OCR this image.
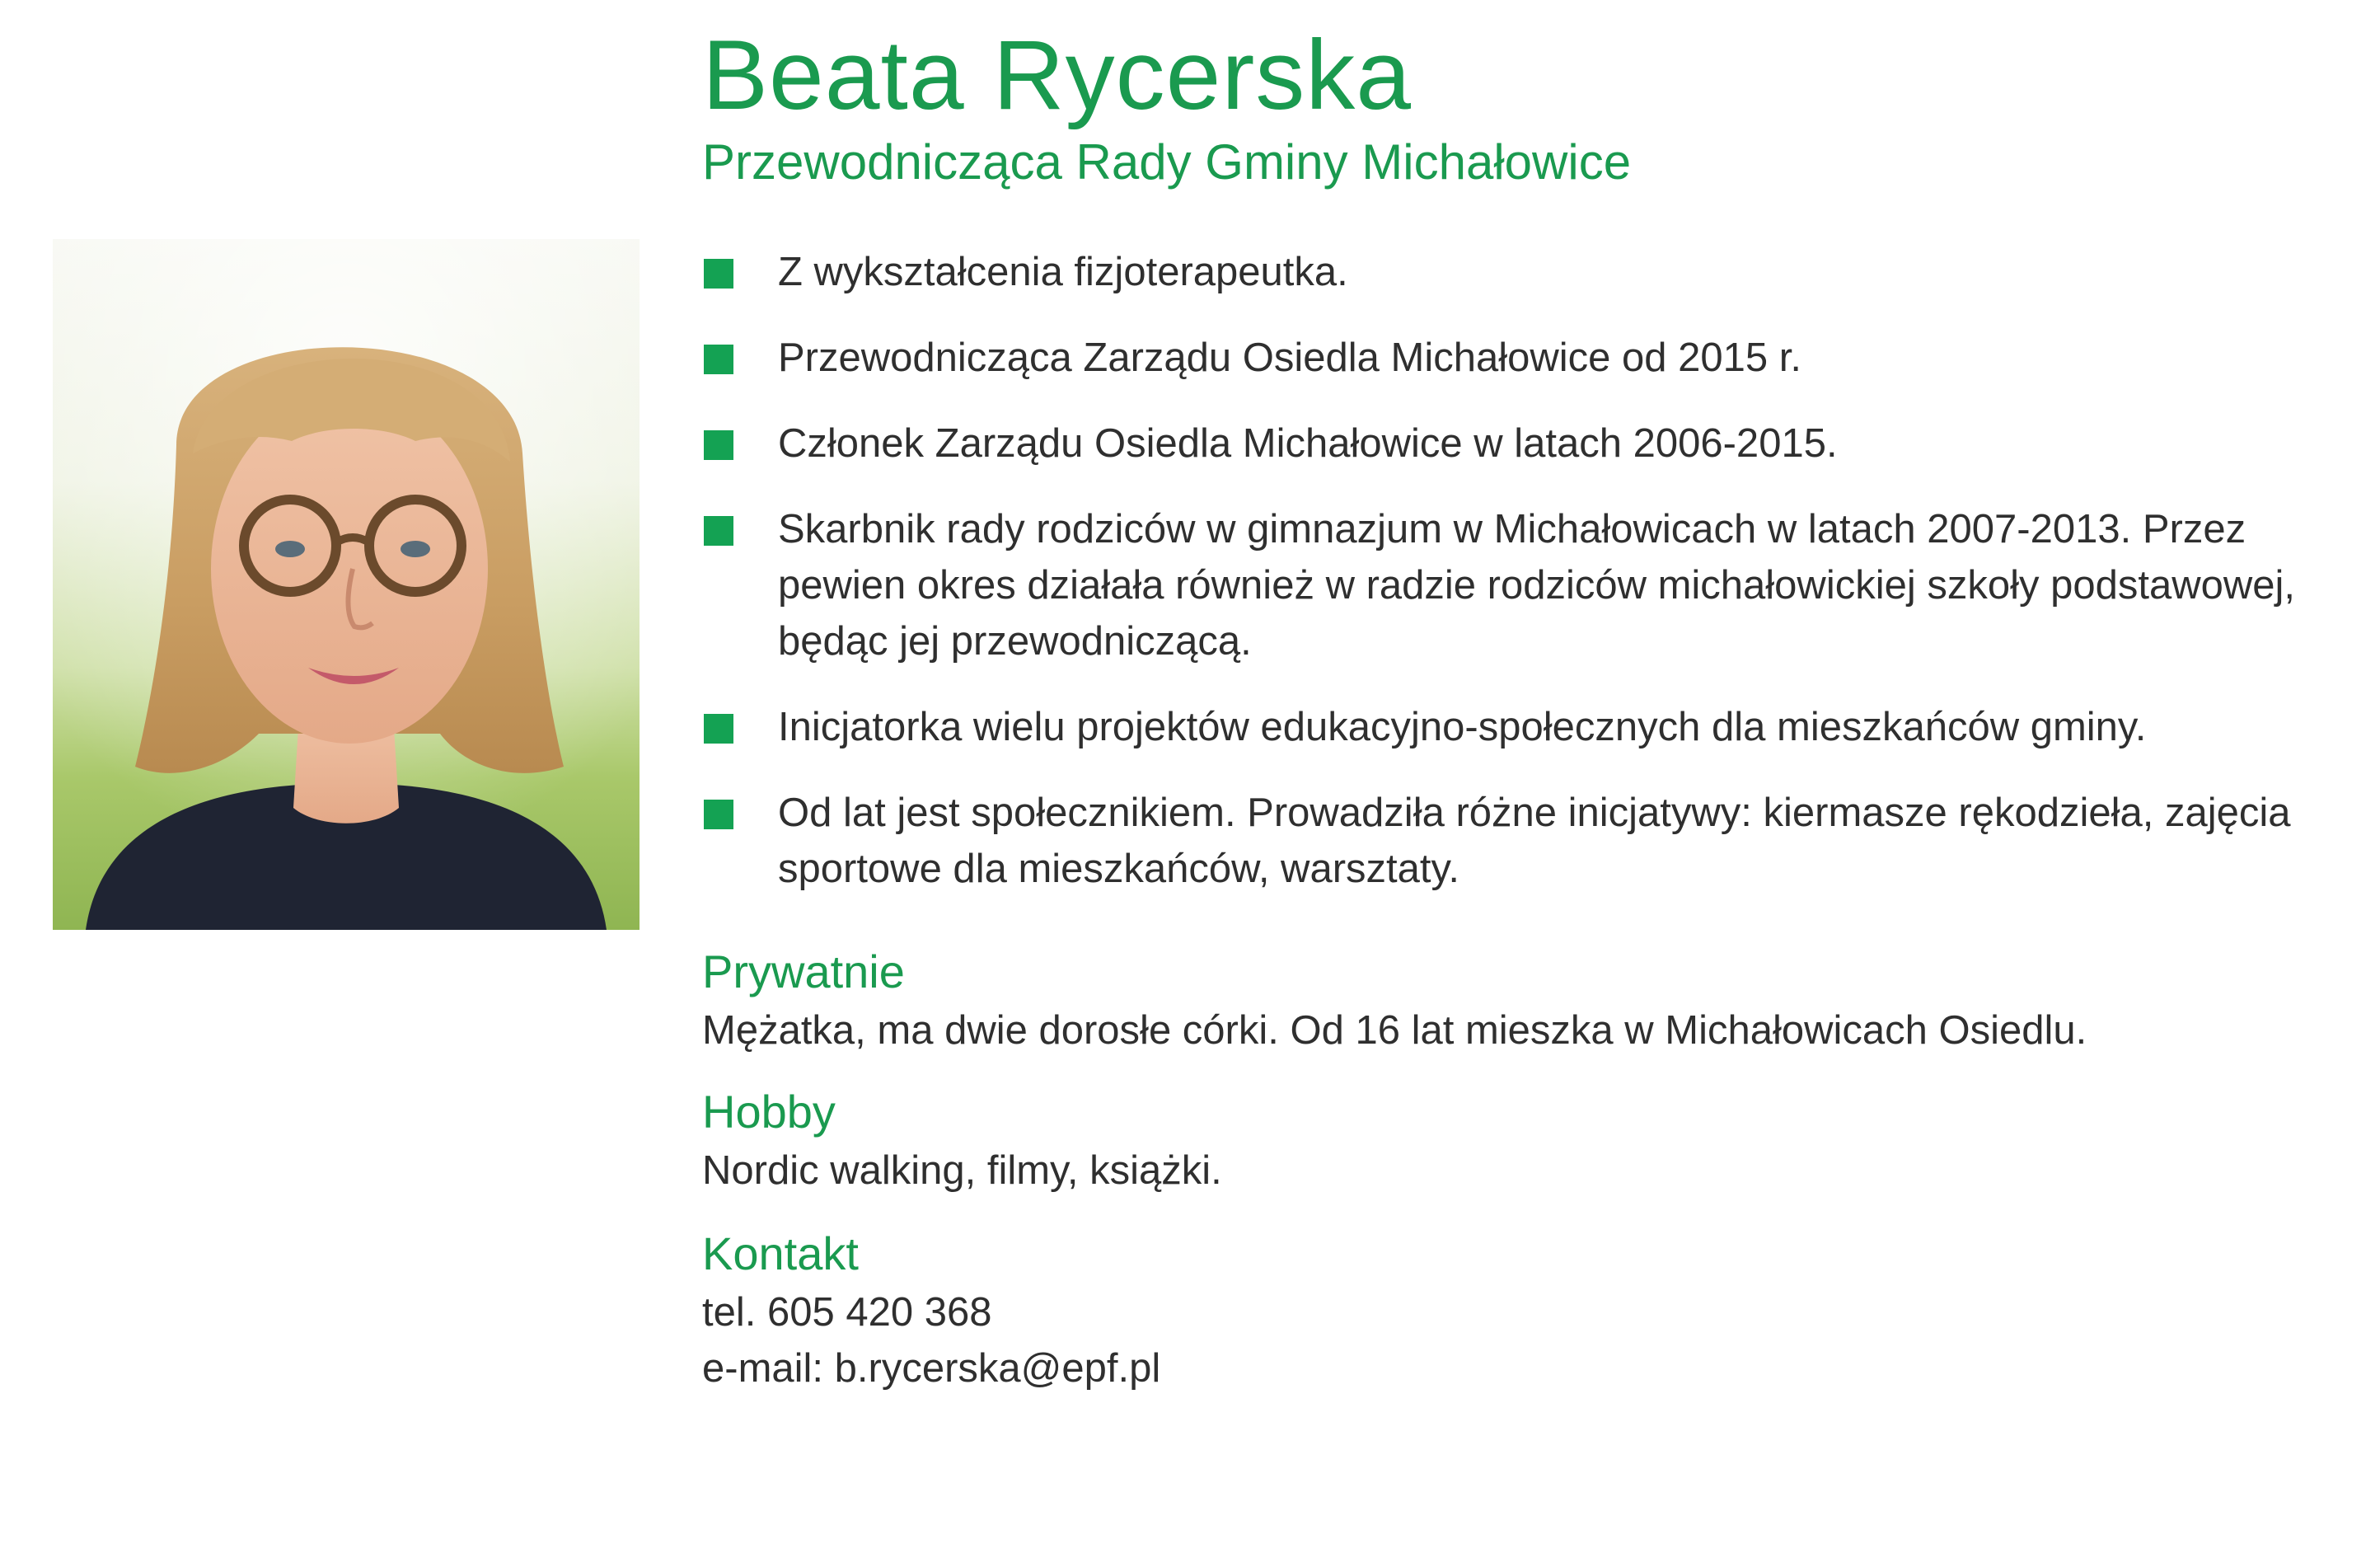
Beata Rycerska
Przewodnicząca Rady Gminy Michałowice
Z wykształcenia fizjoterapeutka.
Przewodnicząca Zarządu Osiedla Michałowice od 2015 r.
Członek Zarządu Osiedla Michałowice w latach 2006-2015.
Skarbnik rady rodziców w gimnazjum w Michałowicach w latach 2007-2013. Przez pewien okres działała również w radzie rodziców michałowickiej szkoły podstawowej, będąc jej przewodniczącą.
Inicjatorka wielu projektów edukacyjno-społecznych dla mieszkańców gminy.
Od lat jest społecznikiem. Prowadziła różne inicjatywy: kiermasze rękodzieła, zajęcia sportowe dla mieszkańców, warsztaty.
Prywatnie

Mężatka, ma dwie dorosłe córki. Od 16 lat mieszka w Michałowicach Osiedlu.

Hobby

Nordic walking, filmy, książki.

Kontakt

tel. 605 420 368

e-mail: b.rycerska@epf.pl
